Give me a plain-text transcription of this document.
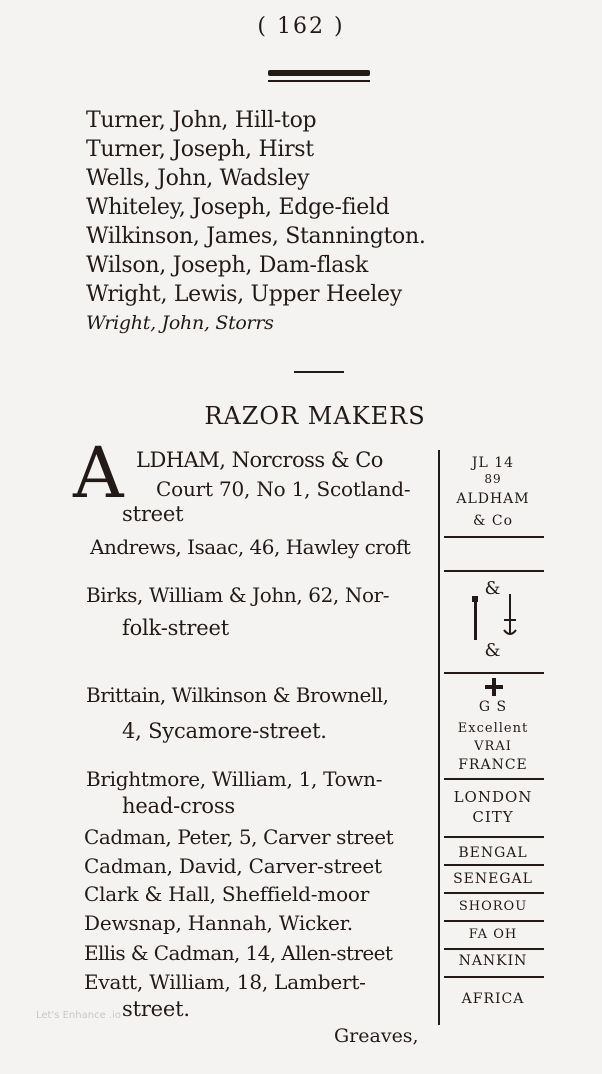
( 162 )
Turner, John, Hill-top
Turner, Joseph, Hirst
Wells, John, Wadsley
Whiteley, Joseph, Edge-field
Wilkinson, James, Stannington.
Wilson, Joseph, Dam-flask
Wright, Lewis, Upper Heeley
Wright, John, Storrs
RAZOR MAKERS
A LDHAM, Norcross & Co
Court 70, No 1, Scotland-
street
Andrews, Isaac, 46, Hawley croft
Birks, William & John, 62, Nor-
folk-street
Brittain, Wilkinson & Brownell,
4, Sycamore-street.
Brightmore, William, 1, Town-
head-cross
Cadman, Peter, 5, Carver street
Cadman, David, Carver-street
Clark & Hall, Sheffield-moor
Dewsnap, Hannah, Wicker.
Ellis & Cadman, 14, Allen-street
Evatt, William, 18, Lambert-
street.
Greaves,
JL 14
89
ALDHAM
& Co
&
&
G S
Excellent
VRAI
FRANCE
LONDON
CITY
BENGAL
SENEGAL
SHOROU
FA OH
NANKIN
AFRICA
Let's Enhance .io
